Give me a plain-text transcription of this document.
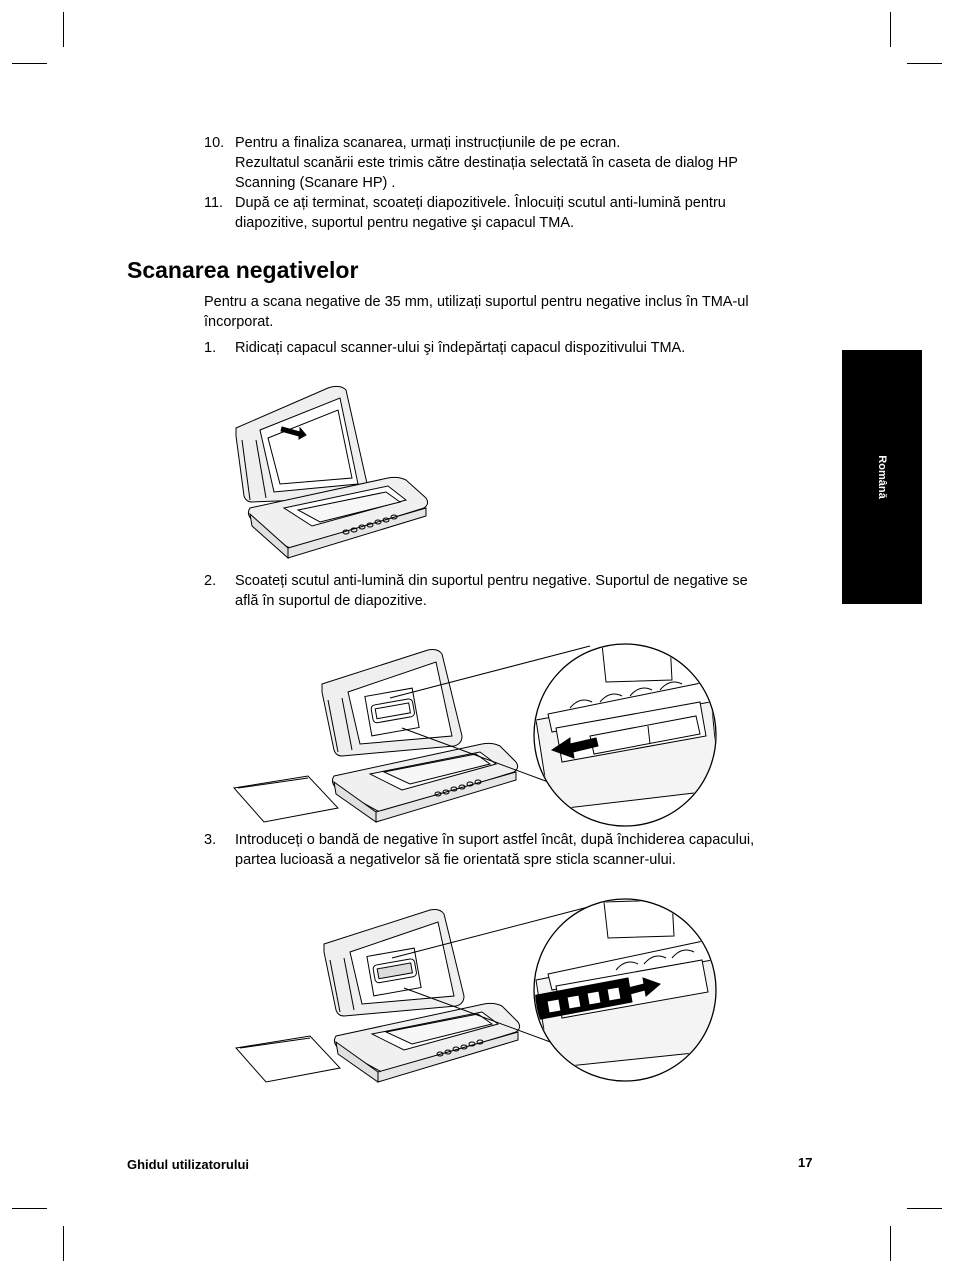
10. Pentru a finaliza scanarea, urmați instrucțiunile de pe ecran.
Rezultatul scanării este trimis către destinația selectată în caseta de dialog HP
Scanning (Scanare HP) .
11. După ce ați terminat, scoateți diapozitivele. Înlocuiți scutul anti-lumină pentru
diapozitive, suportul pentru negative şi capacul TMA.
Scanarea negativelor
Pentru a scana negative de 35 mm, utilizați suportul pentru negative inclus în TMA-ul încorporat.
1. Ridicați capacul scanner-ului şi îndepărtați capacul dispozitivului TMA.
2. Scoateți scutul anti-lumină din suportul pentru negative. Suportul de negative se
află în suportul de diapozitive.
3. Introduceți o bandă de negative în suport astfel încât, după închiderea capacului,
partea lucioasă a negativelor să fie orientată spre sticla scanner-ului.
Română
Ghidul utilizatorului	17
